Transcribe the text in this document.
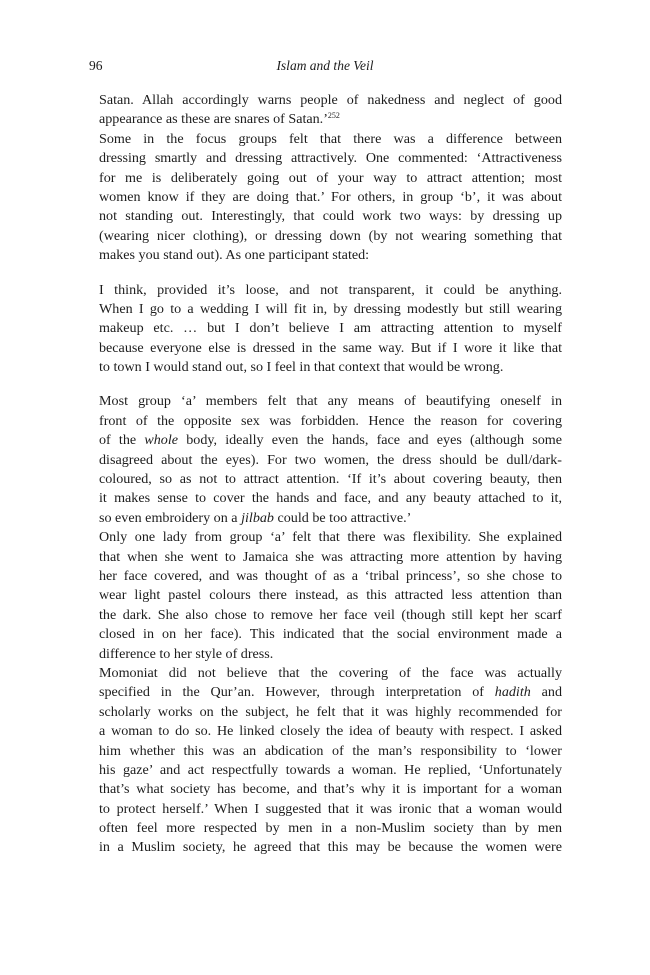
96	Islam and the Veil
Satan. Allah accordingly warns people of nakedness and neglect of good
appearance as these are snares of Satan.’$^{252}$
Some in the focus groups felt that there was a difference between
dressing smartly and dressing attractively. One commented: ‘Attractiveness
for me is deliberately going out of your way to attract attention; most
women know if they are doing that.’ For others, in group ‘b’, it was about
not standing out. Interestingly, that could work two ways: by dressing up
(wearing nicer clothing), or dressing down (by not wearing something that
makes you stand out). As one participant stated:
I think, provided it’s loose, and not transparent, it could be anything.
When I go to a wedding I will fit in, by dressing modestly but still wearing
makeup etc. … but I don’t believe I am attracting attention to myself
because everyone else is dressed in the same way. But if I wore it like that
to town I would stand out, so I feel in that context that would be wrong.
Most group ‘a’ members felt that any means of beautifying oneself in
front of the opposite sex was forbidden. Hence the reason for covering
of the whole body, ideally even the hands, face and eyes (although some
disagreed about the eyes). For two women, the dress should be dull/dark-
coloured, so as not to attract attention. ‘If it’s about covering beauty, then
it makes sense to cover the hands and face, and any beauty attached to it,
so even embroidery on a jilbab could be too attractive.’
Only one lady from group ‘a’ felt that there was flexibility. She explained
that when she went to Jamaica she was attracting more attention by having
her face covered, and was thought of as a ‘tribal princess’, so she chose to
wear light pastel colours there instead, as this attracted less attention than
the dark. She also chose to remove her face veil (though still kept her scarf
closed in on her face). This indicated that the social environment made a
difference to her style of dress.
Momoniat did not believe that the covering of the face was actually
specified in the Qur’an. However, through interpretation of hadith and
scholarly works on the subject, he felt that it was highly recommended for
a woman to do so. He linked closely the idea of beauty with respect. I asked
him whether this was an abdication of the man’s responsibility to ‘lower
his gaze’ and act respectfully towards a woman. He replied, ‘Unfortunately
that’s what society has become, and that’s why it is important for a woman
to protect herself.’ When I suggested that it was ironic that a woman would
often feel more respected by men in a non-Muslim society than by men
in a Muslim society, he agreed that this may be because the women were
